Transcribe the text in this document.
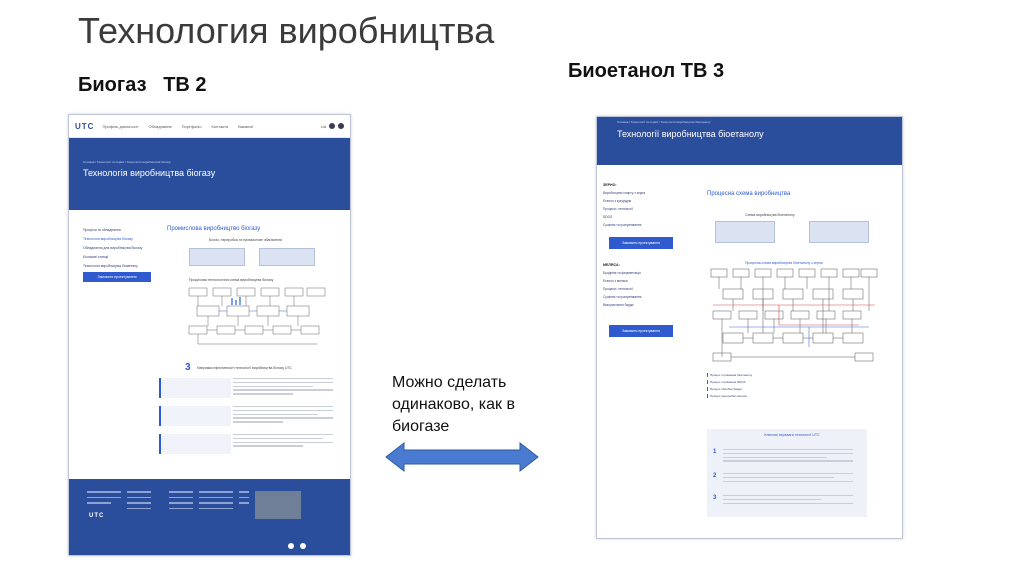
Технология виробництва
Биогаз   ТВ 2
Биоетанол ТВ 3
UTC Профіль діяльності	Обладнання	Портфоліо	Контакти	Вакансії	Ua
Головна / Технології та сервіс / Технологія виробництва біогазу
Технологія виробництва біогазу
Процеси та обладнання
Технологія виробництва біогазу
Обладнання для виробництва біогазу
Біогазові станції
Технологія виробництва біометану
Замовити проектування
Промислова виробництво біогазу
Біогаз, переробка та промислове збагачення
Процесова технологічна схема виробництва біогазу
3 Напрямки ефективності технології виробництва біогазу UTC
UTC
Головна / Технології та сервіс / Технологія виробництва біоетанолу
Технології виробництва біоетанолу
ЗЕРНО:
Виробництво спирту з зерна
Етанол з кукурудзи
Процеси і технології
DDGS
Сушіння та гранулювання
Замовити проектування
МЕЛЯСА:
Бродіння та ферментація
Етанол з меляси
Процеси і технології
Сушіння та гранулювання
Використання барди
Замовити проектування
Процесна схема виробництва
Схема виробництва біоетанолу
Процесна схема виробництва біоетанолу з зерна
Процес отримання біоетанолу
Процес отримання DDGS
Процес обробки барди
Процес переробки меляси
Ключові переваги технології UTC
1
2
3
Можно сделать одинаково, как в биогазе
